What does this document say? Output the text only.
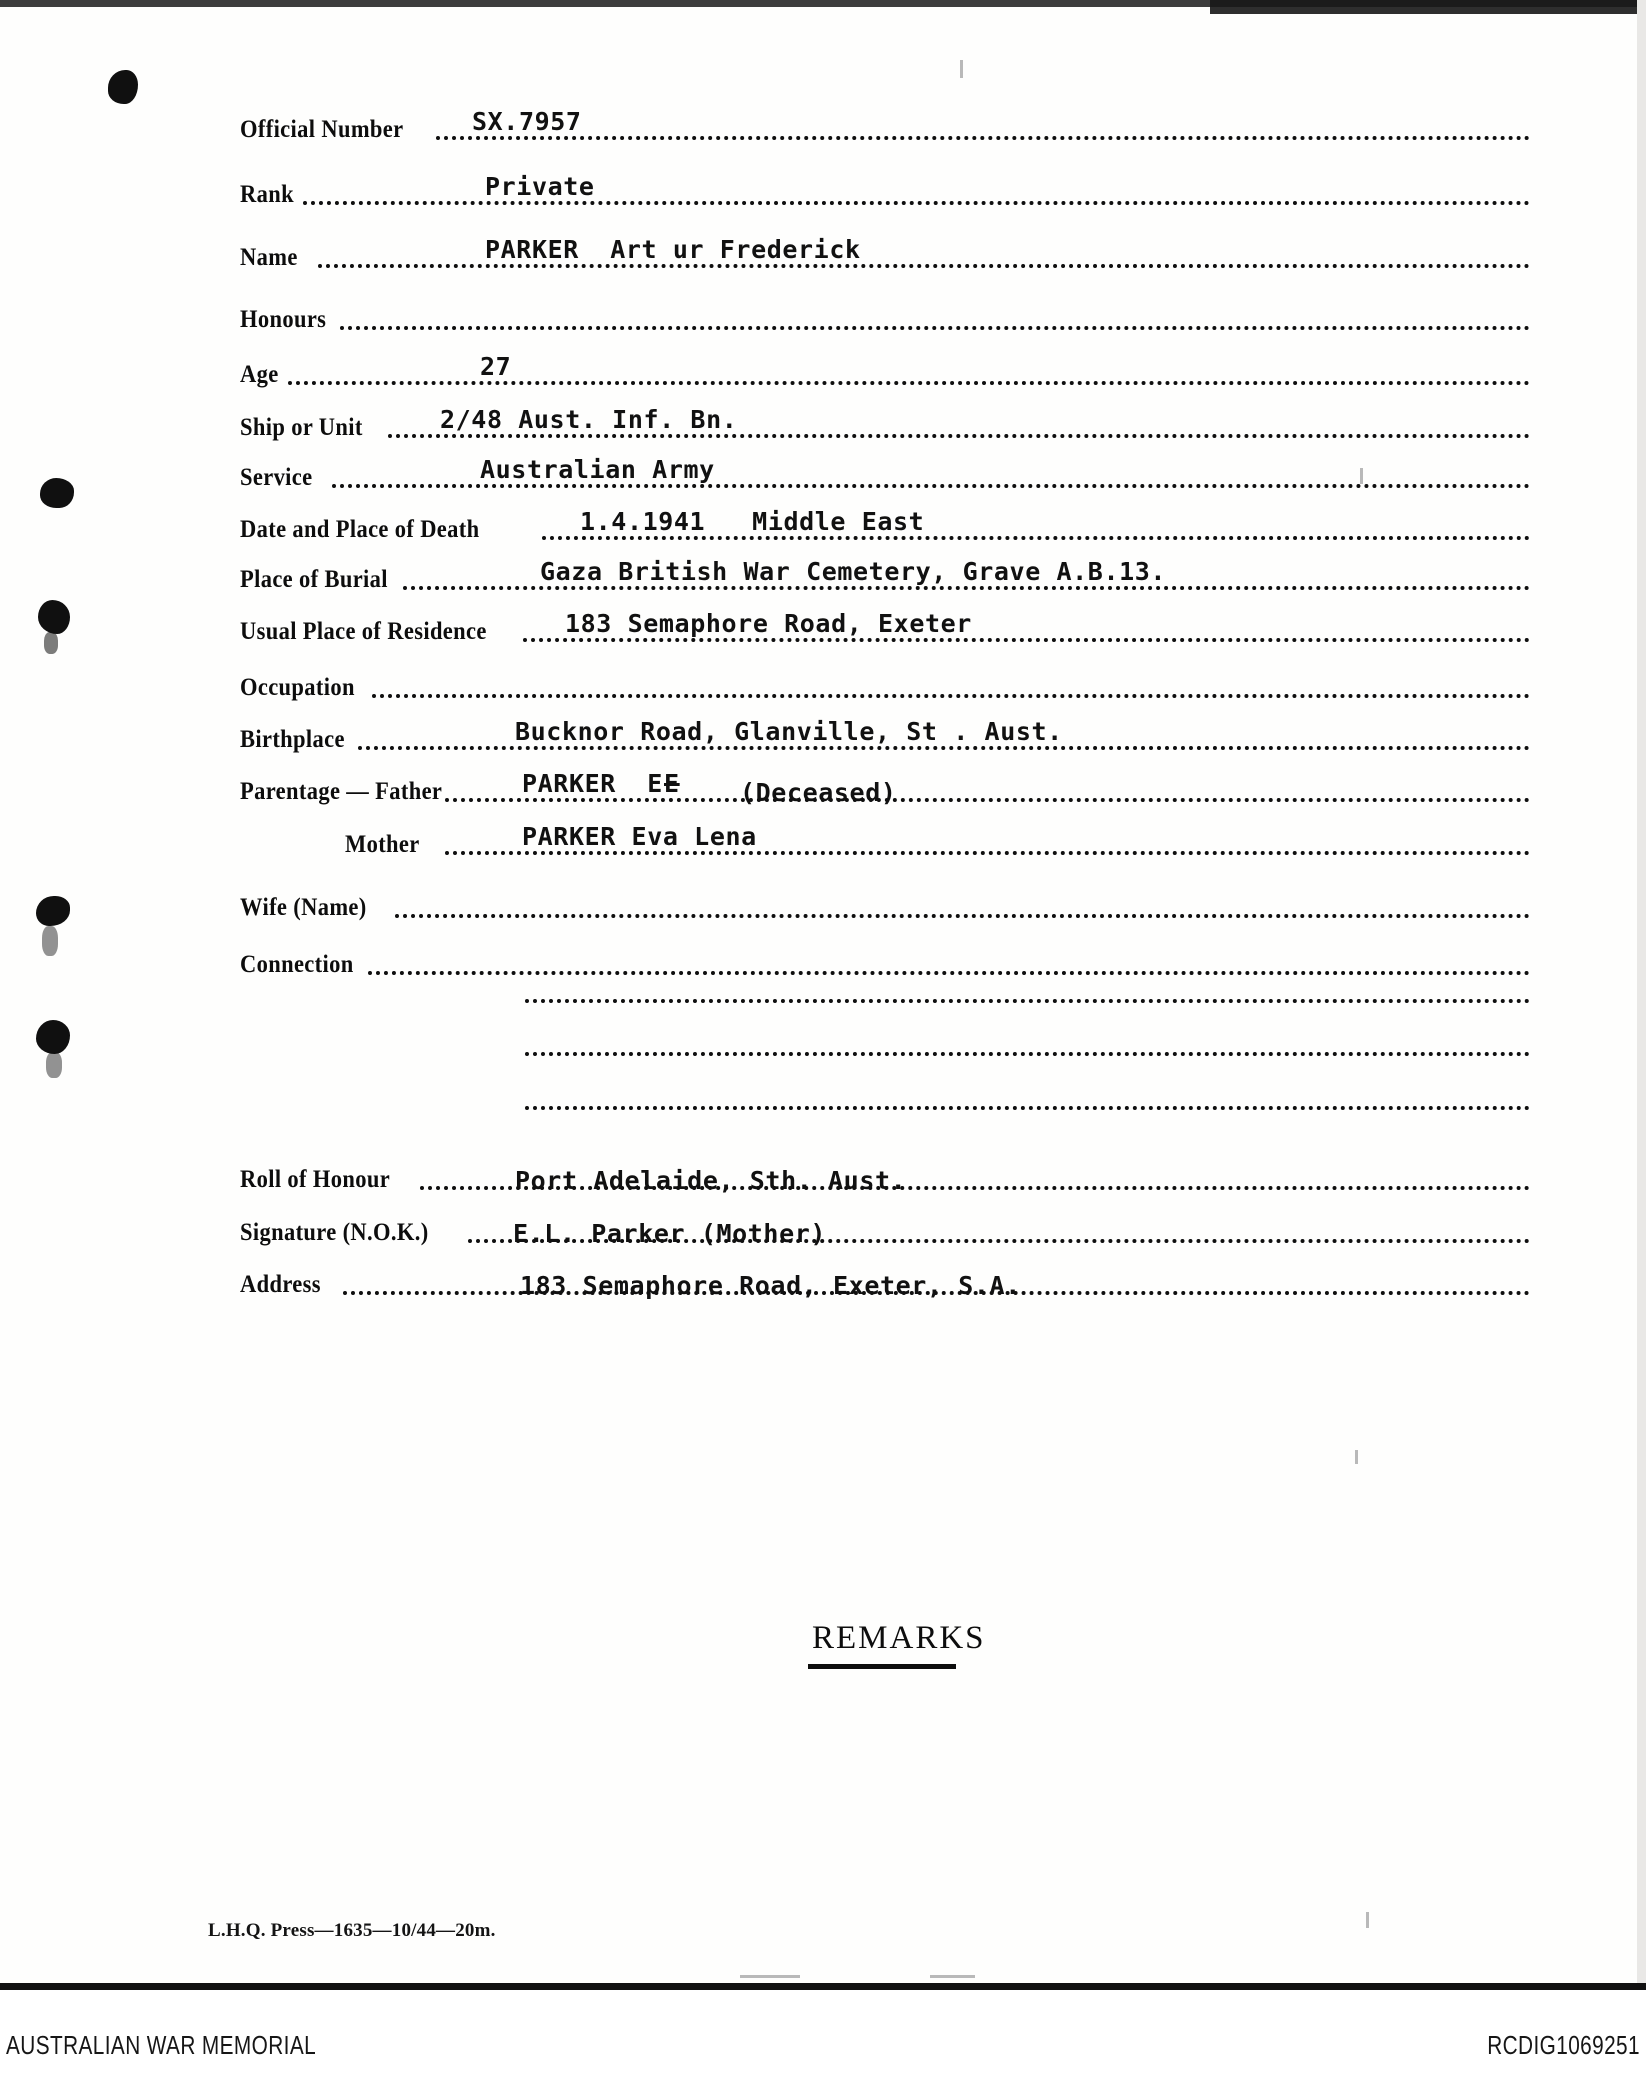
Official Number	SX.7957
Rank	Private
Name	PARKER  Art ur Frederick
Honours
Age	27
Ship or Unit	2/48 Aust. Inf. Bn.
Service	Australian Army
Date and Place of Death	1.4.1941   Middle East
Place of Burial	Gaza British War Cemetery, Grave A.B.13.
Usual Place of Residence	183 Semaphore Road, Exeter
Occupation
Birthplace	Bucknor Road, Glanville, St . Aust.
Parentage — Father	PARKER  E E (Deceased)
Mother	PARKER Eva Lena
Wife (Name)
Connection
Roll of Honour	Port Adelaide, Sth. Aust.
Signature (N.O.K.)	E.L. Parker (Mother)
Address	183 Semaphore Road, Exeter, S.A.
REMARKS
L.H.Q. Press—1635—10/44—20m.
AUSTRALIAN WAR MEMORIAL	RCDIG1069251
